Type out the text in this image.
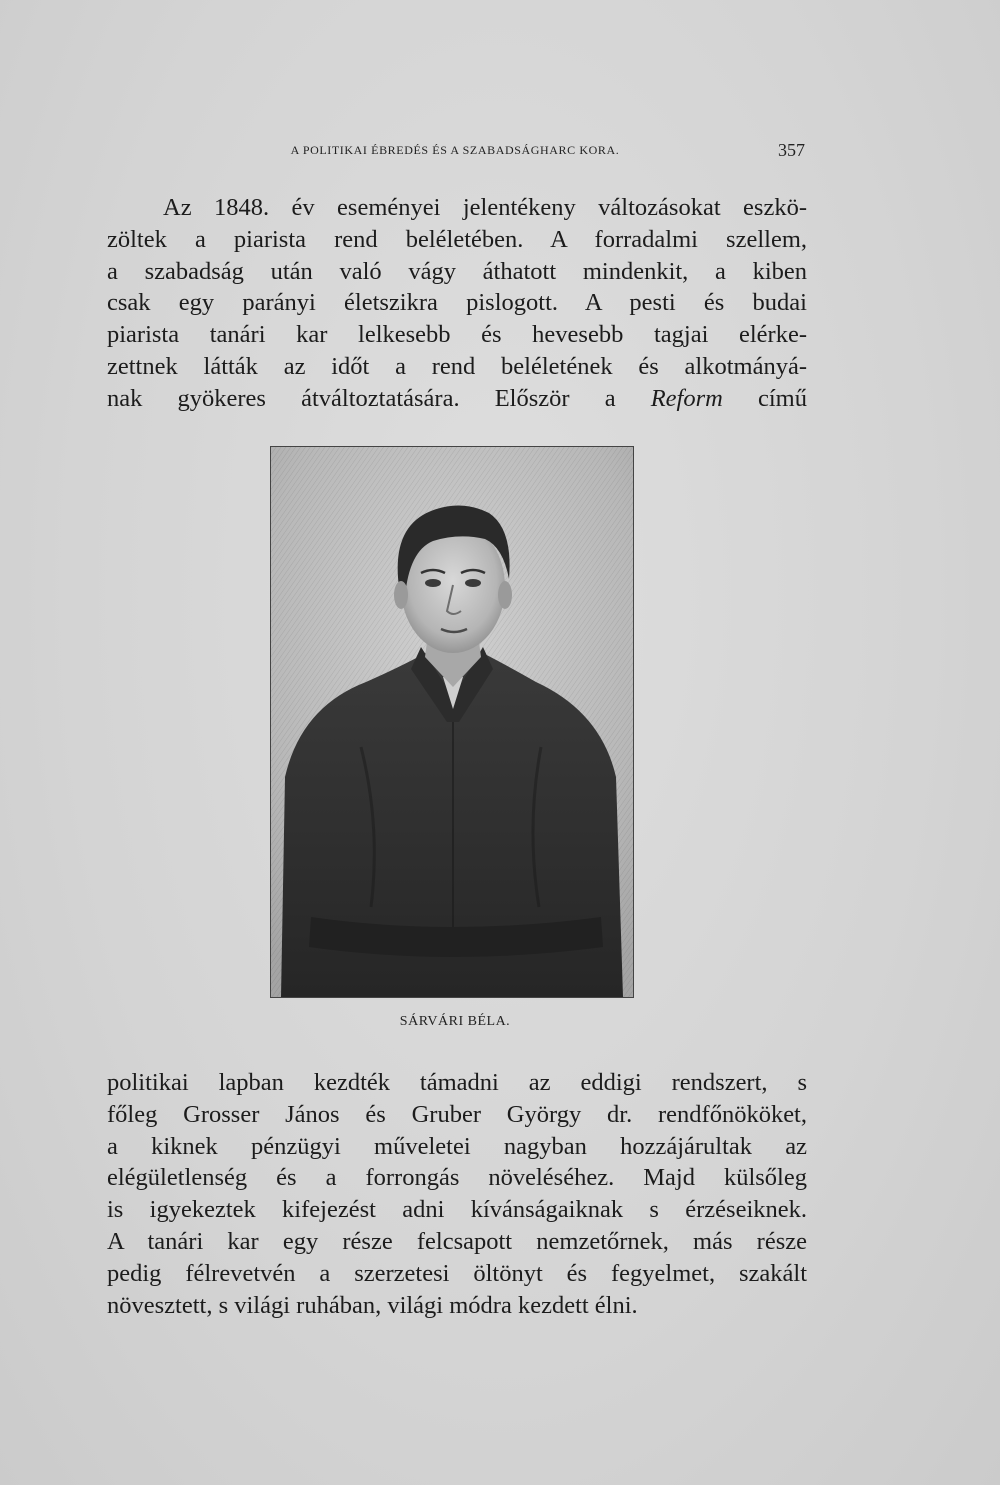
A POLITIKAI ÉBREDÉS ÉS A SZABADSÁGHARC KORA.	357
Az 1848. év eseményei jelentékeny változásokat eszkö-
zöltek a piarista rend beléletében. A forradalmi szellem,
a szabadság után való vágy áthatott mindenkit, a kiben
csak egy parányi életszikra pislogott. A pesti és budai
piarista tanári kar lelkesebb és hevesebb tagjai elérke-
zettnek látták az időt a rend beléletének és alkotmányá-
nak gyökeres átváltoztatására. Először a Reform című
SÁRVÁRI BÉLA.
politikai lapban kezdték támadni az eddigi rendszert, s
főleg Grosser János és Gruber György dr. rendfőnököket,
a kiknek pénzügyi műveletei nagyban hozzájárultak az
elégületlenség és a forrongás növeléséhez. Majd külsőleg
is igyekeztek kifejezést adni kívánságaiknak s érzéseiknek.
A tanári kar egy része felcsapott nemzetőrnek, más része
pedig félrevetvén a szerzetesi öltönyt és fegyelmet, szakált
növesztett, s világi ruhában, világi módra kezdett élni.
